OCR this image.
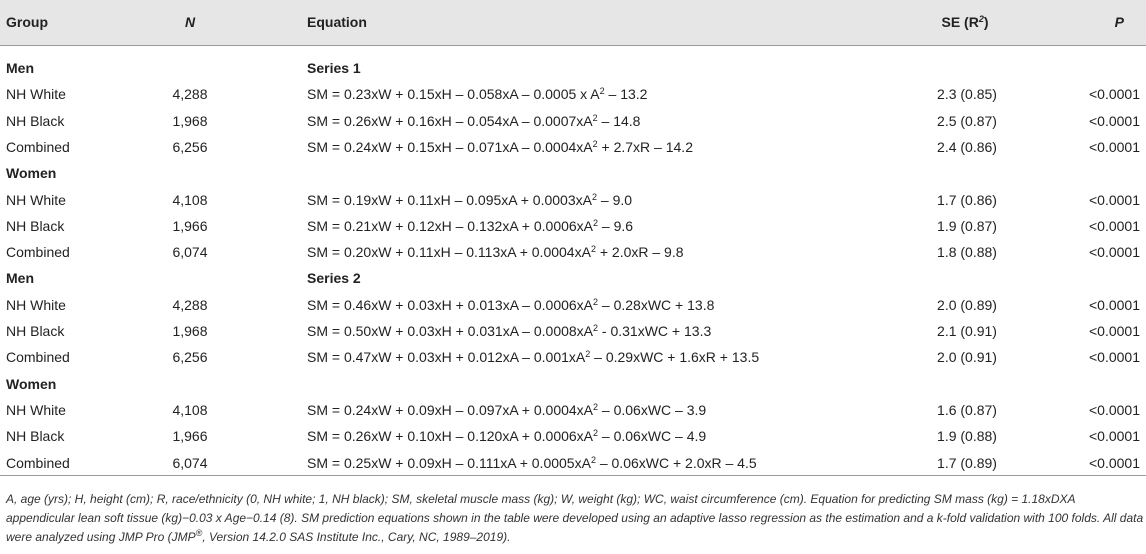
Group	N	Equation	SE $(R^2)$	P
Men	Series 1
NH White	4,288	SM = 0.23xW + 0.15xH – 0.058xA – 0.0005 x $A^2 - 13.2$	2.3 (0.85)	<0.0001
NH Black	1,968	SM = $0.26xW + 0.16xH - 0.054xA - 0.0007xA^2 - 14.8$	2.5 (0.87)	<0.0001
Combined	6,256	SM = $0.24xW + 0.15xH - 0.071xA - 0.0004xA^2 + 2.7xR - 14.2$	2.4 (0.86)	<0.0001
Women
NH White	4,108	SM = $0.19xW + 0.11xH - 0.095xA + 0.0003xA^2 - 9.0$	1.7 (0.86)	<0.0001
NH Black	1,966	SM = $0.21xW + 0.12xH - 0.132xA + 0.0006xA^2 - 9.6$	1.9 (0.87)	<0.0001
Combined	6,074	SM = $0.20xW + 0.11xH - 0.113xA + 0.0004xA^2 + 2.0xR - 9.8$	1.8 (0.88)	<0.0001
Men	Series 2
NH White	4,288	SM = $0.46xW + 0.03xH + 0.013xA - 0.0006xA^2 - 0.28xWC + 13.8$	2.0 (0.89)	<0.0001
NH Black	1,968	SM = $0.50xW + 0.03xH + 0.031xA - 0.0008xA^2 - 0.31xWC + 13.3$	2.1 (0.91)	<0.0001
Combined	6,256	SM = $0.47xW + 0.03xH + 0.012xA - 0.001xA^2 - 0.29xWC + 1.6xR + 13.5$	2.0 (0.91)	<0.0001
Women
NH White	4,108	SM = $0.24xW + 0.09xH - 0.097xA + 0.0004xA^2 - 0.06xWC - 3.9$	1.6 (0.87)	<0.0001
NH Black	1,966	SM = $0.26xW + 0.10xH - 0.120xA + 0.0006xA^2 - 0.06xWC - 4.9$	1.9 (0.88)	<0.0001
Combined	6,074	SM = $0.25xW + 0.09xH - 0.111xA + 0.0005xA^2 - 0.06xWC + 2.0xR - 4.5$	1.7 (0.89)	<0.0001
A, age (yrs); H, height (cm); R, race/ethnicity (0, NH white; 1, NH black); SM, skeletal muscle mass (kg); W, weight (kg); WC, waist circumference (cm). Equation for predicting SM mass (kg) = 1.18xDXA appendicular lean soft tissue (kg)−0.03 x Age−0.14 (8). SM prediction equations shown in the table were developed using an adaptive lasso regression as the estimation and a k-fold validation with 100 folds. All data were analyzed using JMP Pro (JMP®, Version 14.2.0 SAS Institute Inc., Cary, NC, 1989–2019).
